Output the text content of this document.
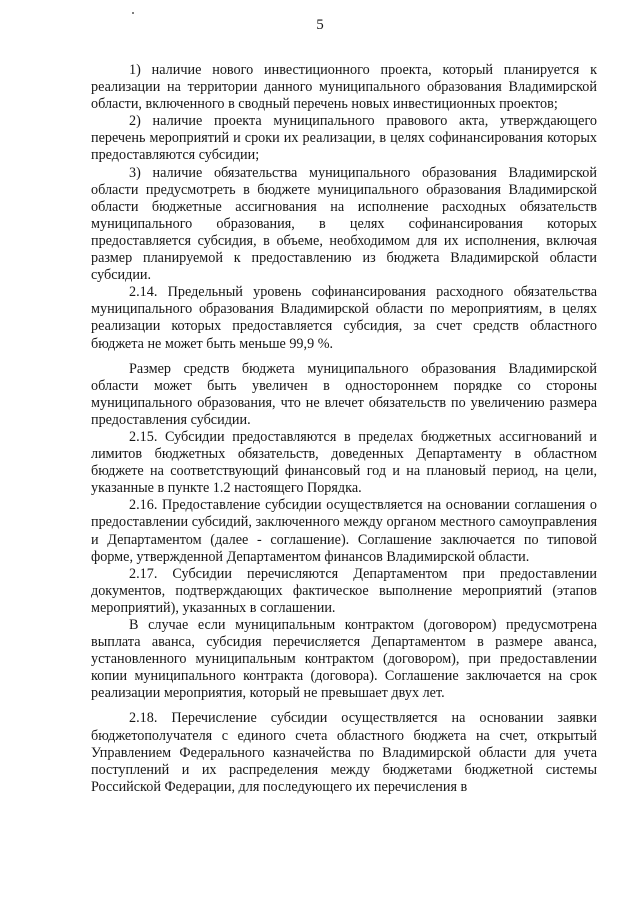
5

1) наличие нового инвестиционного проекта, который планируется к реализации на территории данного муниципального образования Владимирской области, включенного в сводный перечень новых инвестиционных проектов;

2) наличие проекта муниципального правового акта, утверждающего перечень мероприятий и сроки их реализации, в целях софинансирования которых предоставляются субсидии;

3) наличие обязательства муниципального образования Владимирской области предусмотреть в бюджете муниципального образования Владимирской области бюджетные ассигнования на исполнение расходных обязательств муниципального образования, в целях софинансирования которых предоставляется субсидия, в объеме, необходимом для их исполнения, включая размер планируемой к предоставлению из бюджета Владимирской области субсидии.

2.14. Предельный уровень софинансирования расходного обязательства муниципального образования Владимирской области по мероприятиям, в целях реализации которых предоставляется субсидия, за счет средств областного бюджета не может быть меньше 99,9 %.

Размер средств бюджета муниципального образования Владимирской области может быть увеличен в одностороннем порядке со стороны муниципального образования, что не влечет обязательств по увеличению размера предоставления субсидии.

2.15. Субсидии предоставляются в пределах бюджетных ассигнований и лимитов бюджетных обязательств, доведенных Департаменту в областном бюджете на соответствующий финансовый год и на плановый период, на цели, указанные в пункте 1.2 настоящего Порядка.

2.16. Предоставление субсидии осуществляется на основании соглашения о предоставлении субсидий, заключенного между органом местного самоуправления и Департаментом (далее - соглашение). Соглашение заключается по типовой форме, утвержденной Департаментом финансов Владимирской области.

2.17. Субсидии перечисляются Департаментом при предоставлении документов, подтверждающих фактическое выполнение мероприятий (этапов мероприятий), указанных в соглашении.

В случае если муниципальным контрактом (договором) предусмотрена выплата аванса, субсидия перечисляется Департаментом в размере аванса, установленного муниципальным контрактом (договором), при предоставлении копии муниципального контракта (договора). Соглашение заключается на срок реализации мероприятия, который не превышает двух лет.

2.18. Перечисление субсидии осуществляется на основании заявки бюджетополучателя с единого счета областного бюджета на счет, открытый Управлением Федерального казначейства по Владимирской области для учета поступлений и их распределения между бюджетами бюджетной системы Российской Федерации, для последующего их перечисления в
